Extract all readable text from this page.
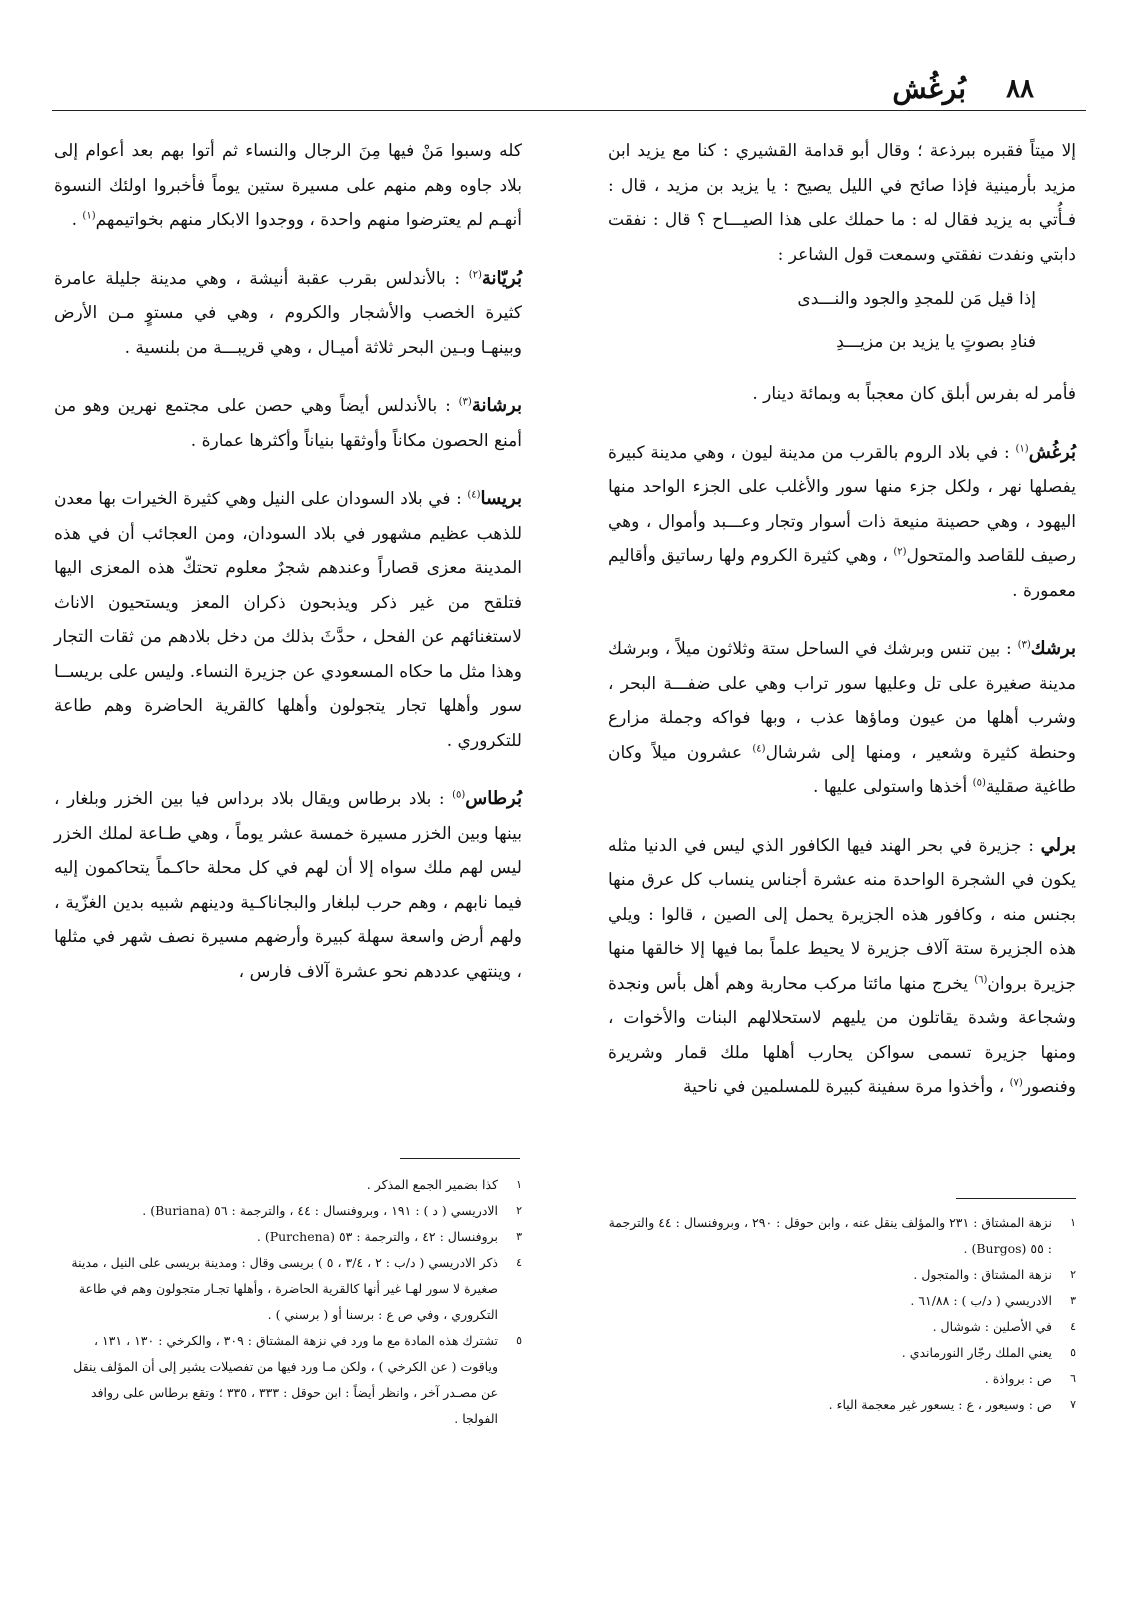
٨٨
بُرغُش

إلا ميتاً فقبره ببرذعة ؛ وقال أبو قدامة القشيري : كنا مع يزيد ابن مزيد بأرمينية فإذا صائح في الليل يصيح : يا يزيد بن مزيد ، قال : فـأُتي به يزيد فقال له : ما حملك على هذا الصيـــاح ؟ قال : نفقت دابتي ونفدت نفقتي وسمعت قول الشاعر :

إذا قيل مَن للمجدِ والجود والنـــدى
فنادِ بصوتٍ يا يزيد بن مزيـــدِ

فأمر له بفرس أبلق كان معجباً به وبمائة دينار .

بُرغُش$^{(١)}$ : في بلاد الروم بالقرب من مدينة ليون ، وهي مدينة كبيرة يفصلها نهر ، ولكل جزء منها سور والأغلب على الجزء الواحد منها اليهود ، وهي حصينة منيعة ذات أسوار وتجار وعـــبد وأموال ، وهي رصيف للقاصد والمتحول$^{(٢)}$ ، وهي كثيرة الكروم ولها رساتيق وأقاليم معمورة .

برشك$^{(٣)}$ : بين تنس وبرشك في الساحل ستة وثلاثون ميلاً ، وبرشك مدينة صغيرة على تل وعليها سور تراب وهي على ضفـــة البحر ، وشرب أهلها من عيون وماؤها عذب ، وبها فواكه وجملة مزارع وحنطة كثيرة وشعير ، ومنها إلى شرشال$^{(٤)}$ عشرون ميلاً وكان طاغية صقلية$^{(٥)}$ أخذها واستولى عليها .

برلي : جزيرة في بحر الهند فيها الكافور الذي ليس في الدنيا مثله يكون في الشجرة الواحدة منه عشرة أجناس ينساب كل عرق منها بجنس منه ، وكافور هذه الجزيرة يحمل إلى الصين ، قالوا : ويلي هذه الجزيرة ستة آلاف جزيرة لا يحيط علماً بما فيها إلا خالقها منها جزيرة بروان$^{(٦)}$ يخرج منها مائتا مركب محاربة وهم أهل بأس ونجدة وشجاعة وشدة يقاتلون من يليهم لاستحلالهم البنات والأخوات ، ومنها جزيرة تسمى سواكن يحارب أهلها ملك قمار وشريرة وفنصور$^{(٧)}$ ، وأخذوا مرة سفينة كبيرة للمسلمين في ناحية

كله وسبوا مَنْ فيها مِنَ الرجال والنساء ثم أتوا بهم بعد أعوام إلى بلاد جاوه وهم منهم على مسيرة ستين يوماً فأخبروا اولئك النسوة أنهـم لم يعترضوا منهم واحدة ، ووجدوا الابكار منهم بخواتيمهم$^{(١)}$ .

بُريّانة$^{(٢)}$ : بالأندلس بقرب عقبة أنيشة ، وهي مدينة جليلة عامرة كثيرة الخصب والأشجار والكروم ، وهي في مستوٍ مـن الأرض وبينهـا وبـين البحر ثلاثة أميـال ، وهي قريبـــة من بلنسية .

برشانة$^{(٣)}$ : بالأندلس أيضاً وهي حصن على مجتمع نهرين وهو من أمنع الحصون مكاناً وأوثقها بنياناً وأكثرها عمارة .

بريسا$^{(٤)}$ : في بلاد السودان على النيل وهي كثيرة الخيرات بها معدن للذهب عظيم مشهور في بلاد السودان، ومن العجائب أن في هذه المدينة معزى قصاراً وعندهم شجرٌ معلوم تحتكّ هذه المعزى اليها فتلقح من غير ذكر ويذبحون ذكران المعز ويستحيون الاناث لاستغنائهم عن الفحل ، حدَّثَ بذلك من دخل بلادهم من ثقات التجار وهذا مثل ما حكاه المسعودي عن جزيرة النساء. وليس على بريســا سور وأهلها تجار يتجولون وأهلها كالقرية الحاضرة وهم طاعة للتكروري .

بُرطاس$^{(٥)}$ : بلاد برطاس ويقال بلاد برداس فيا بين الخزر وبلغار ، بينها وبين الخزر مسيرة خمسة عشر يوماً ، وهي طـاعة لملك الخزر ليس لهم ملك سواه إلا أن لهم في كل محلة حاكـماً يتحاكمون إليه فيما نابهم ، وهم حرب لبلغار والبجاناكـية ودينهم شبيه بدين الغزّية ، ولهم أرض واسعة سهلة كبيرة وأرضهم مسيرة نصف شهر في مثلها ، وينتهي عددهم نحو عشرة آلاف فارس ،

١
نزهة المشتاق : ٢٣١ والمؤلف ينقل عنه ، وابن حوقل : ٢٩٠ ، وبروفنسال : ٤٤ والترجمة : ٥٥ (Burgos) .
٢
نزهة المشتاق : والمتجول .
٣
الادريسي ( د/ب ) : ٦١/٨٨ .
٤
في الأصلين : شوشال .
٥
يعني الملك رجّار النورماندي .
٦
ص : برواذة .
٧
ص : وسيعور ، ع : يسعور غير معجمة الياء .
١
كذا بضمير الجمع المذكر .
٢
الادريسي ( د ) : ١٩١ ، وبروفنسال : ٤٤ ، والترجمة : ٥٦ (Buriana) .
٣
بروفنسال : ٤٢ ، والترجمة : ٥٣ (Purchena) .
٤
ذكر الادريسي ( د/ب : ٢ ، ٣/٤ ، ٥ ) بريسى وقال : ومدينة بريسى على النيل ، مدينة صغيرة لا سور لهـا غير أنها كالقرية الحاضرة ، وأهلها تجـار متجولون وهم في طاعة التكروري ، وفي ص ع : برسنا أو ( برسني ) .
٥
تشترك هذه المادة مع ما ورد في نزهة المشتاق : ٣٠٩ ، والكرخي : ١٣٠ ، ١٣١ ، وياقوت ( عن الكرخي ) ، ولكن مـا ورد فيها من تفصيلات يشير إلى أن المؤلف ينقل عن مصـدر آخر ، وانظر أيضاً : ابن حوقل : ٣٣٣ ، ٣٣٥ ؛ وتقع برطاس على روافد الفولجا .
